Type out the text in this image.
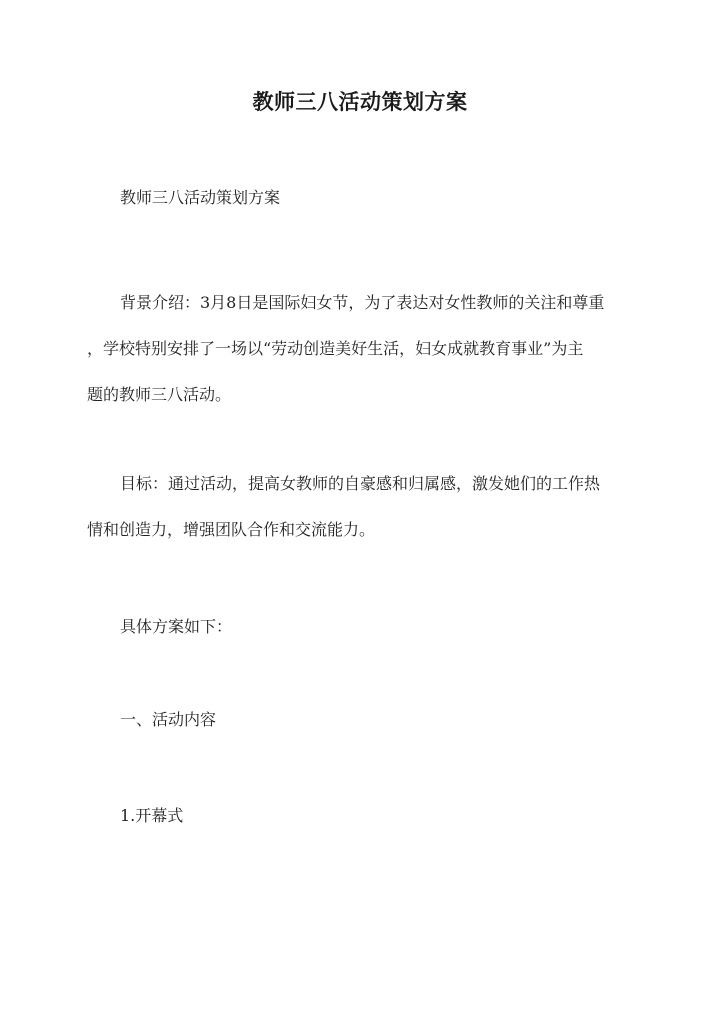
教师三八活动策划方案

教师三八活动策划方案

背景介绍：3月8日是国际妇女节，为了表达对女性教师的关注和尊重
，学校特别安排了一场以“劳动创造美好生活，妇女成就教育事业”为主
题的教师三八活动。

目标：通过活动，提高女教师的自豪感和归属感，激发她们的工作热
情和创造力，增强团队合作和交流能力。

具体方案如下：

一、活动内容

1.开幕式
